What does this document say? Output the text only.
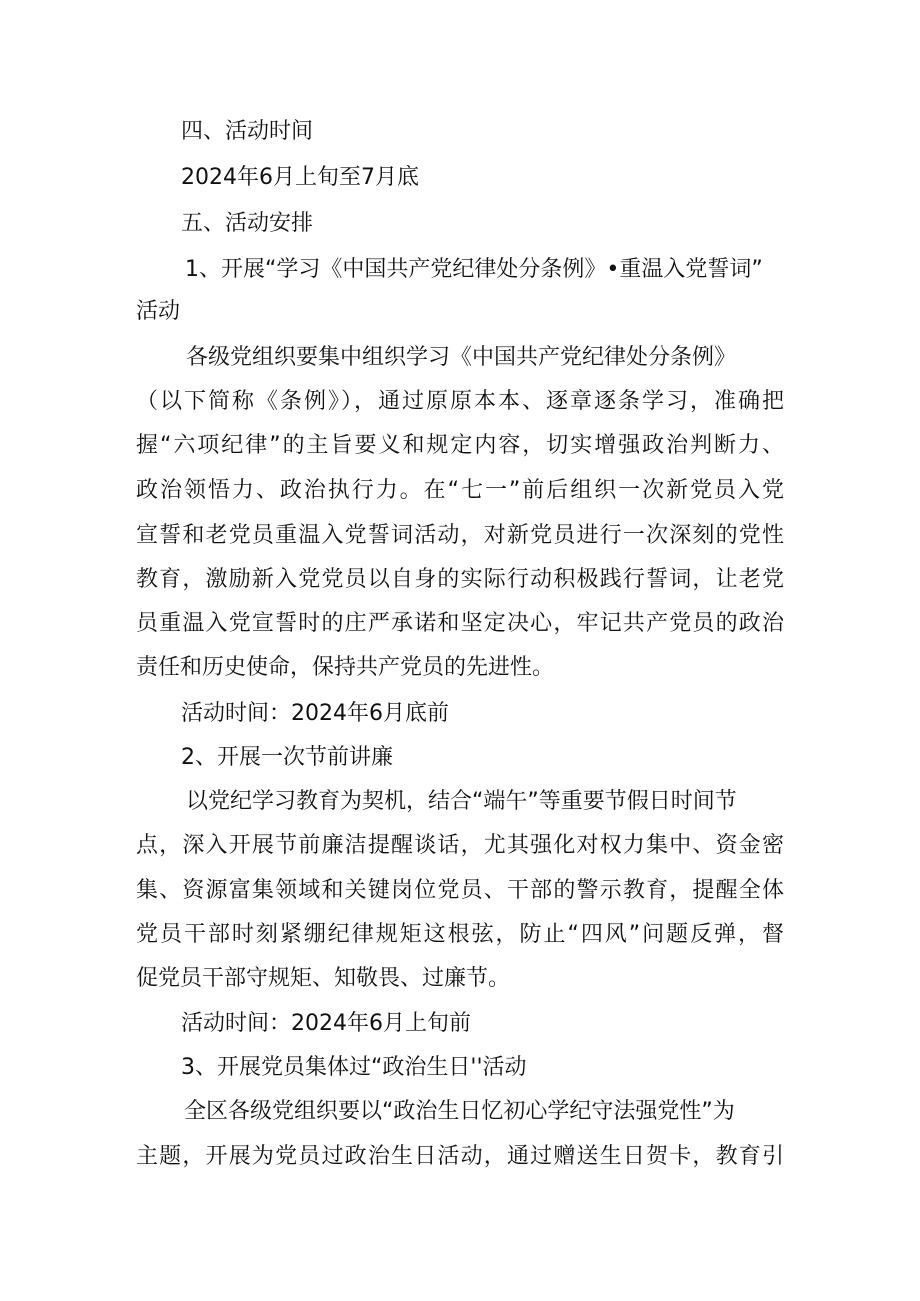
四、活动时间
2024年6月上旬至7月底
五、活动安排
1、开展“学习《中国共产党纪律处分条例》•重温入党誓词”
活动
各级党组织要集中组织学习《中国共产党纪律处分条例》
（以下简称《条例》），通过原原本本、逐章逐条学习，准确把
握“六项纪律”的主旨要义和规定内容，切实增强政治判断力、
政治领悟力、政治执行力。在“七一”前后组织一次新党员入党
宣誓和老党员重温入党誓词活动，对新党员进行一次深刻的党性
教育，激励新入党党员以自身的实际行动积极践行誓词，让老党
员重温入党宣誓时的庄严承诺和坚定决心，牢记共产党员的政治
责任和历史使命，保持共产党员的先进性。
活动时间：2024年6月底前
2、开展一次节前讲廉
以党纪学习教育为契机，结合“端午”等重要节假日时间节
点，深入开展节前廉洁提醒谈话，尤其强化对权力集中、资金密
集、资源富集领域和关键岗位党员、干部的警示教育，提醒全体
党员干部时刻紧绷纪律规矩这根弦，防止“四风”问题反弹，督
促党员干部守规矩、知敬畏、过廉节。
活动时间：2024年6月上旬前
3、开展党员集体过“政治生日''活动
全区各级党组织要以“政治生日忆初心学纪守法强党性”为
主题，开展为党员过政治生日活动，通过赠送生日贺卡，教育引
